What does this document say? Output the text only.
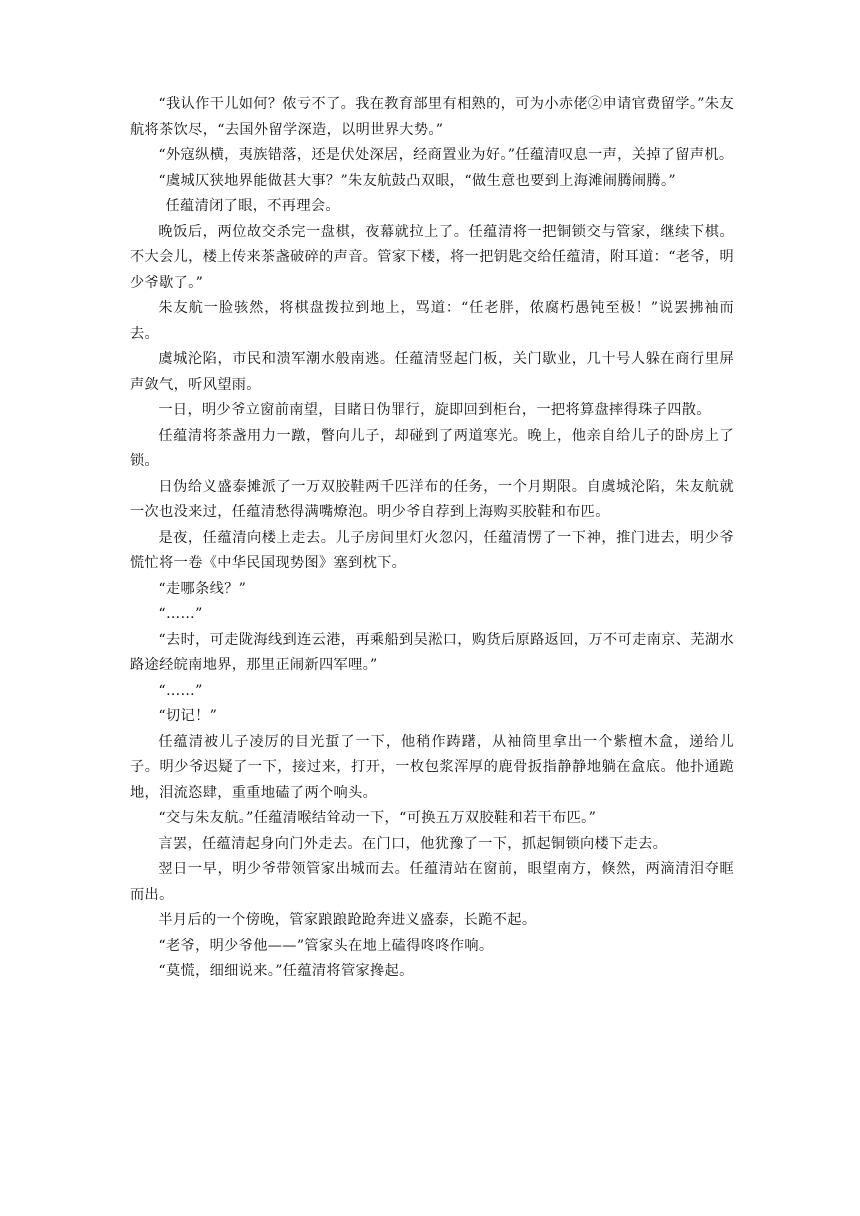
“我认作干儿如何？侬亏不了。我在教育部里有相熟的，可为小赤佬②申请官费留学。”朱友航将茶饮尽，“去国外留学深造，以明世界大势。”

“外寇纵横，夷族错落，还是伏处深居，经商置业为好。”任蕴清叹息一声，关掉了留声机。

“虞城仄狭地界能做甚大事？”朱友航鼓凸双眼，“做生意也要到上海滩闹腾闹腾。”

任蕴清闭了眼，不再理会。

晚饭后，两位故交杀完一盘棋，夜幕就拉上了。任蕴清将一把铜锁交与管家，继续下棋。不大会儿，楼上传来茶盏破碎的声音。管家下楼，将一把钥匙交给任蕴清，附耳道：“老爷，明少爷歇了。”

朱友航一脸骇然，将棋盘拨拉到地上，骂道：“任老胖，侬腐朽愚钝至极！”说罢拂袖而去。

虞城沦陷，市民和溃军潮水般南逃。任蕴清竖起门板，关门歇业，几十号人躲在商行里屏声敛气，听风望雨。

一日，明少爷立窗前南望，目睹日伪罪行，旋即回到柜台，一把将算盘摔得珠子四散。

任蕴清将茶盏用力一蹾，瞥向儿子，却碰到了两道寒光。晚上，他亲自给儿子的卧房上了锁。

日伪给义盛泰摊派了一万双胶鞋两千匹洋布的任务，一个月期限。自虞城沦陷，朱友航就一次也没来过，任蕴清愁得满嘴燎泡。明少爷自荐到上海购买胶鞋和布匹。

是夜，任蕴清向楼上走去。儿子房间里灯火忽闪，任蕴清愣了一下神，推门进去，明少爷慌忙将一卷《中华民国现势图》塞到枕下。

“走哪条线？”

“……”

“去时，可走陇海线到连云港，再乘船到吴淞口，购货后原路返回，万不可走南京、芜湖水路途经皖南地界，那里正闹新四军哩。”

“……”

“切记！”

任蕴清被儿子凌厉的目光蜇了一下，他稍作踌躇，从袖筒里拿出一个紫檀木盒，递给儿子。明少爷迟疑了一下，接过来，打开，一枚包浆浑厚的鹿骨扳指静静地躺在盒底。他扑通跪地，泪流恣肆，重重地磕了两个响头。

“交与朱友航。”任蕴清喉结耸动一下，“可换五万双胶鞋和若干布匹。”

言罢，任蕴清起身向门外走去。在门口，他犹豫了一下，抓起铜锁向楼下走去。

翌日一早，明少爷带领管家出城而去。任蕴清站在窗前，眼望南方，倏然，两滴清泪夺眶而出。

半月后的一个傍晚，管家踉踉跄跄奔进义盛泰，长跪不起。

“老爷，明少爷他——”管家头在地上磕得咚咚作响。

“莫慌，细细说来。”任蕴清将管家搀起。
